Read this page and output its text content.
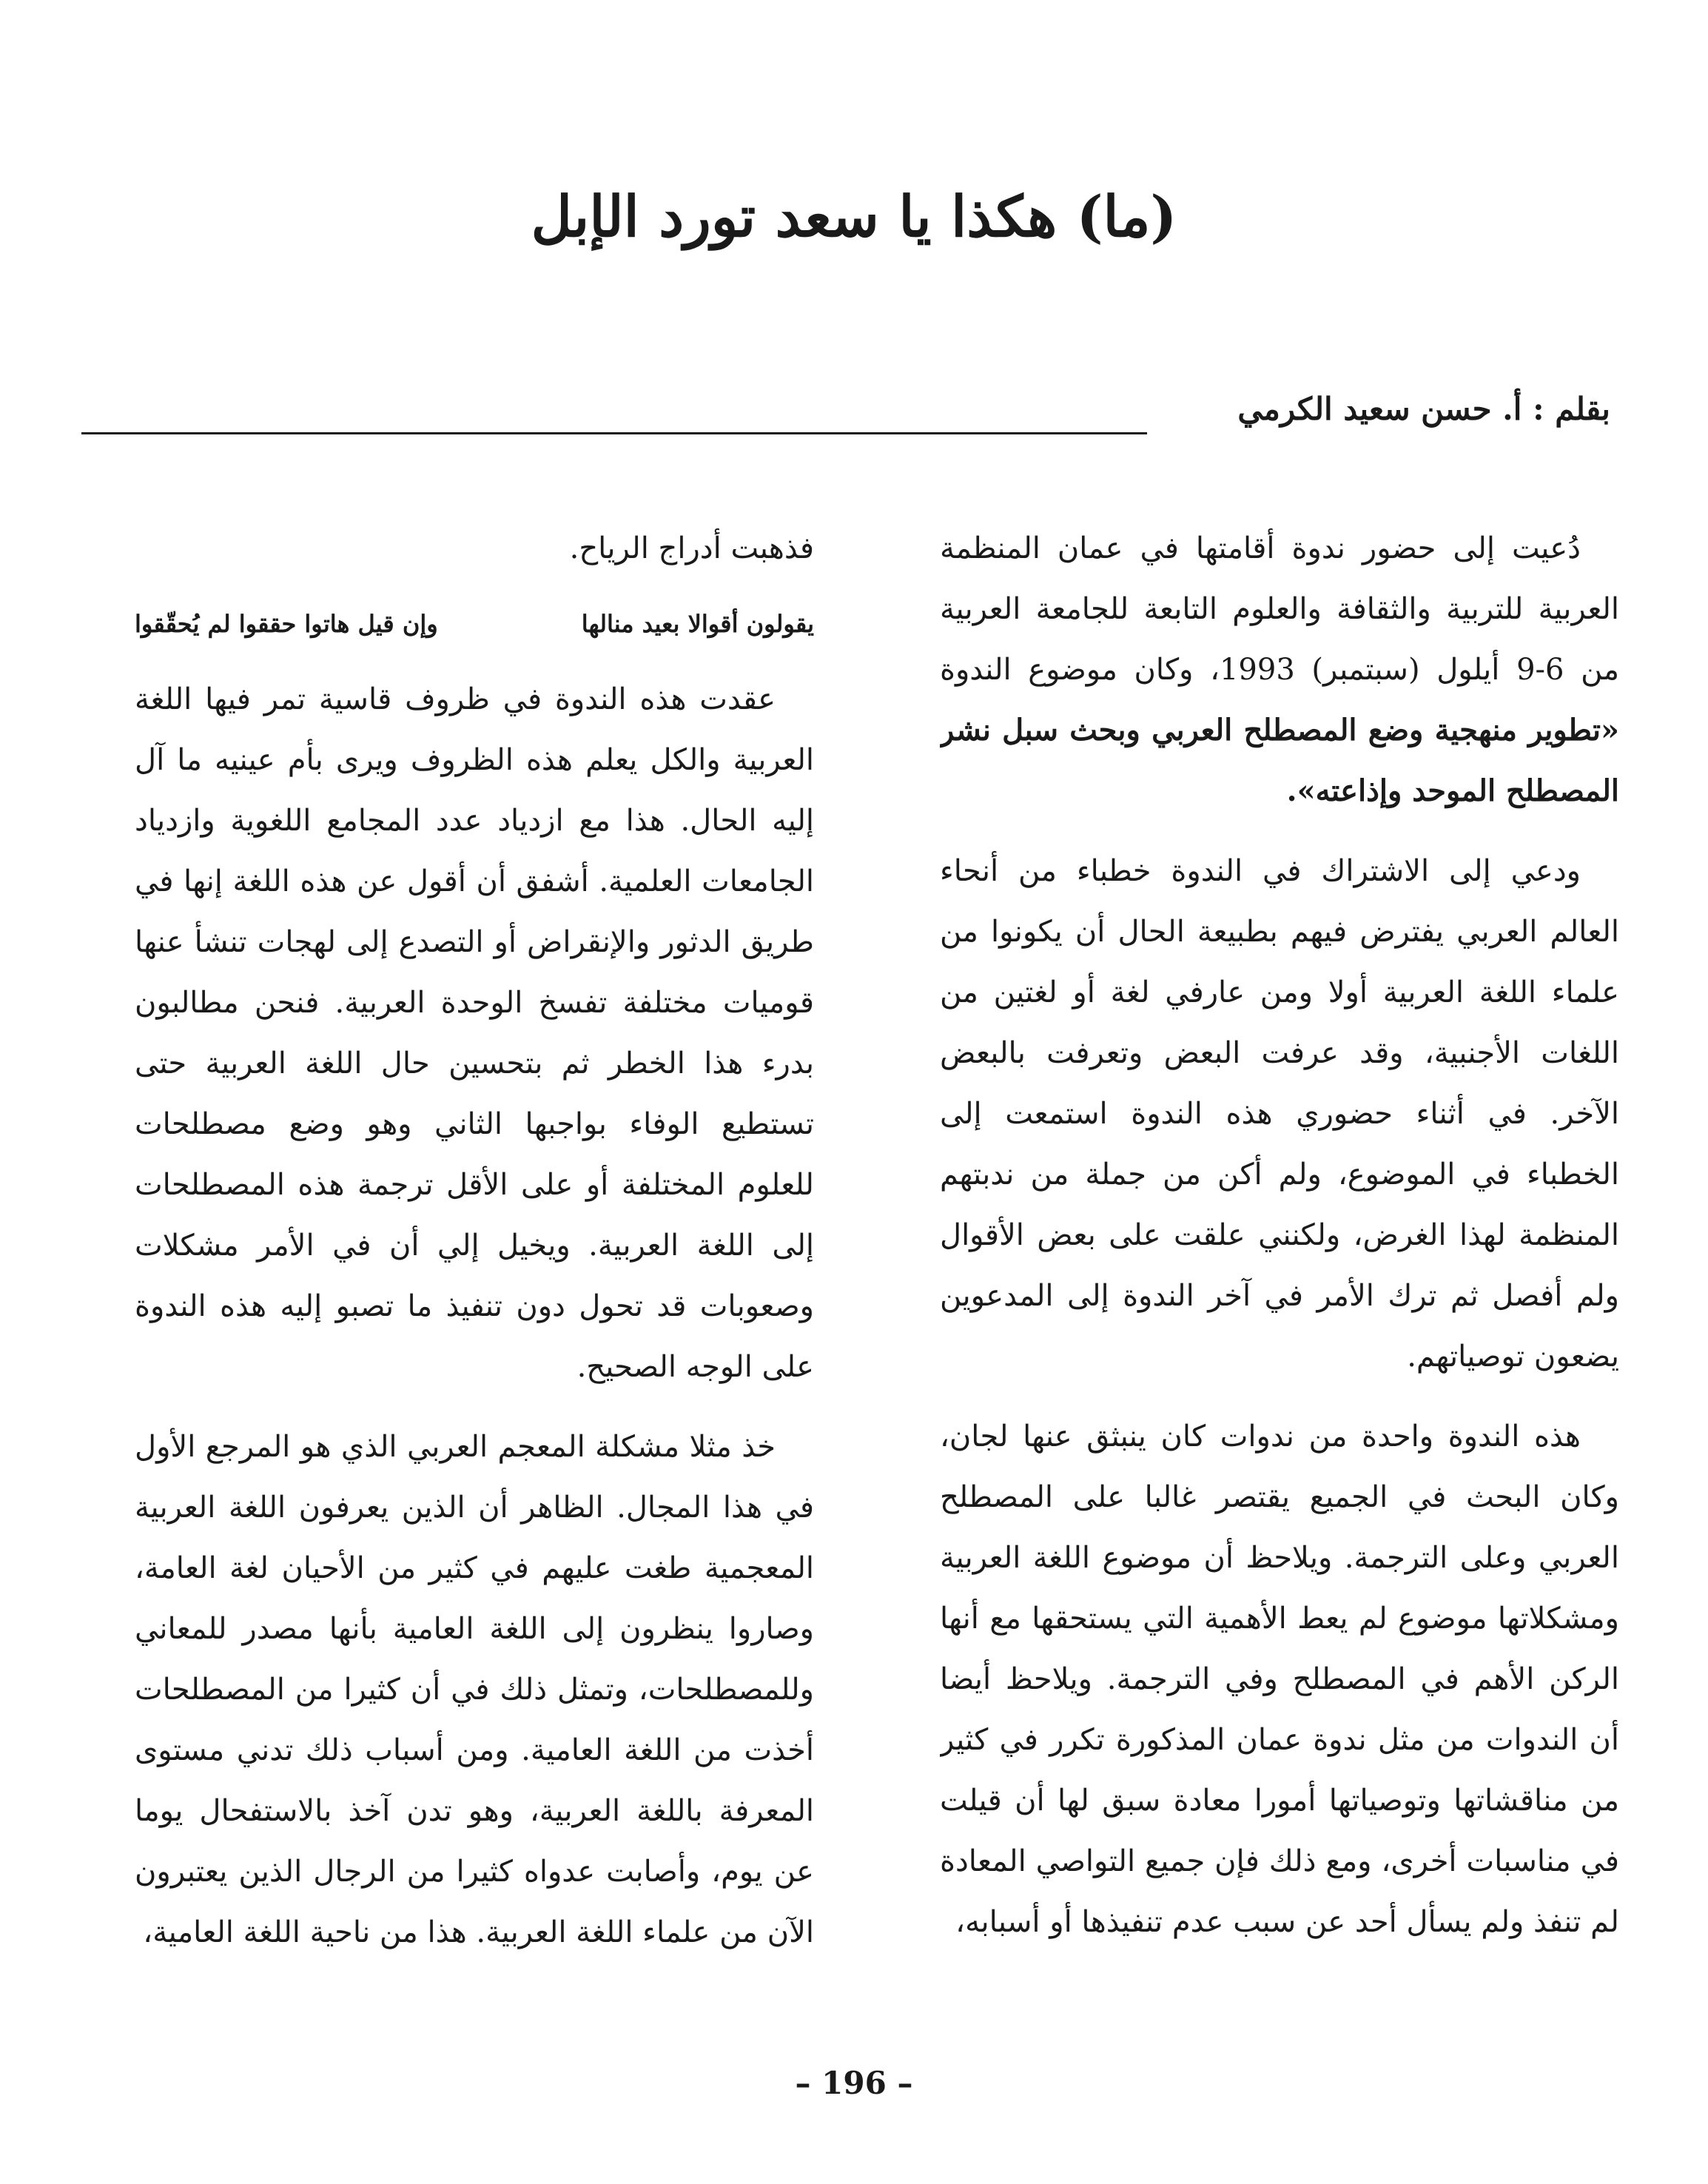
(ما) هكذا يا سعد تورد الإبل
بقلم : أ. حسن سعيد الكرمي

دُعيت إلى حضور ندوة أقامتها في عمان المنظمة العربية للتربية والثقافة والعلوم التابعة للجامعة العربية من 6-9 أيلول (سبتمبر) 1993، وكان موضوع الندوة «تطوير منهجية وضع المصطلح العربي وبحث سبل نشر المصطلح الموحد وإذاعته».

ودعي إلى الاشتراك في الندوة خطباء من أنحاء العالم العربي يفترض فيهم بطبيعة الحال أن يكونوا من علماء اللغة العربية أولا ومن عارفي لغة أو لغتين من اللغات الأجنبية، وقد عرفت البعض وتعرفت بالبعض الآخر. في أثناء حضوري هذه الندوة استمعت إلى الخطباء في الموضوع، ولم أكن من جملة من ندبتهم المنظمة لهذا الغرض، ولكنني علقت على بعض الأقوال ولم أفصل ثم ترك الأمر في آخر الندوة إلى المدعوين يضعون توصياتهم.

هذه الندوة واحدة من ندوات كان ينبثق عنها لجان، وكان البحث في الجميع يقتصر غالبا على المصطلح العربي وعلى الترجمة. ويلاحظ أن موضوع اللغة العربية ومشكلاتها موضوع لم يعط الأهمية التي يستحقها مع أنها الركن الأهم في المصطلح وفي الترجمة. ويلاحظ أيضا أن الندوات من مثل ندوة عمان المذكورة تكرر في كثير من مناقشاتها وتوصياتها أمورا معادة سبق لها أن قيلت في مناسبات أخرى، ومع ذلك فإن جميع التواصي المعادة لم تنفذ ولم يسأل أحد عن سبب عدم تنفيذها أو أسبابه،

فذهبت أدراج الرياح.

يقولون أقوالا بعيد منالها
وإن قيل هاتوا حققوا لم يُحقّقوا

عقدت هذه الندوة في ظروف قاسية تمر فيها اللغة العربية والكل يعلم هذه الظروف ويرى بأم عينيه ما آل إليه الحال. هذا مع ازدياد عدد المجامع اللغوية وازدياد الجامعات العلمية. أشفق أن أقول عن هذه اللغة إنها في طريق الدثور والإنقراض أو التصدع إلى لهجات تنشأ عنها قوميات مختلفة تفسخ الوحدة العربية. فنحن مطالبون بدرء هذا الخطر ثم بتحسين حال اللغة العربية حتى تستطيع الوفاء بواجبها الثاني وهو وضع مصطلحات للعلوم المختلفة أو على الأقل ترجمة هذه المصطلحات إلى اللغة العربية. ويخيل إلي أن في الأمر مشكلات وصعوبات قد تحول دون تنفيذ ما تصبو إليه هذه الندوة على الوجه الصحيح.

خذ مثلا مشكلة المعجم العربي الذي هو المرجع الأول في هذا المجال. الظاهر أن الذين يعرفون اللغة العربية المعجمية طغت عليهم في كثير من الأحيان لغة العامة، وصاروا ينظرون إلى اللغة العامية بأنها مصدر للمعاني وللمصطلحات، وتمثل ذلك في أن كثيرا من المصطلحات أخذت من اللغة العامية. ومن أسباب ذلك تدني مستوى المعرفة باللغة العربية، وهو تدن آخذ بالاستفحال يوما عن يوم، وأصابت عدواه كثيرا من الرجال الذين يعتبرون الآن من علماء اللغة العربية. هذا من ناحية اللغة العامية،

– 196 –
